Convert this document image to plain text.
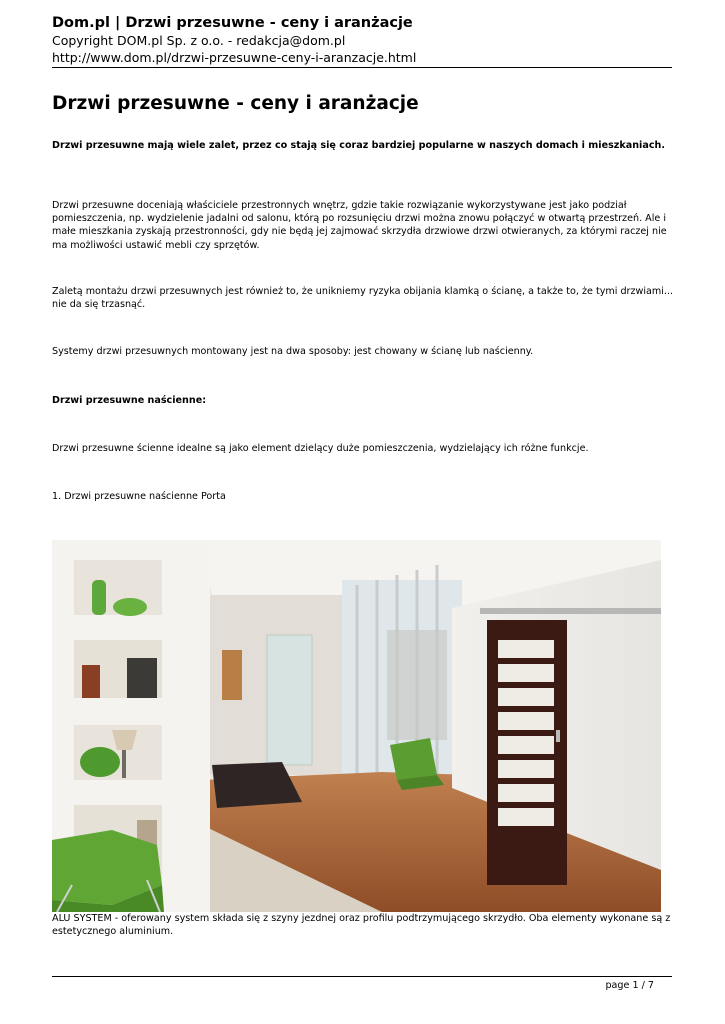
Dom.pl | Drzwi przesuwne - ceny i aranżacje
Copyright DOM.pl Sp. z o.o. - redakcja@dom.pl
http://www.dom.pl/drzwi-przesuwne-ceny-i-aranzacje.html
Drzwi przesuwne - ceny i aranżacje

Drzwi przesuwne mają wiele zalet, przez co stają się coraz bardziej popularne w naszych domach i mieszkaniach.

Drzwi przesuwne doceniają właściciele przestronnych wnętrz, gdzie takie rozwiązanie wykorzystywane jest jako podział pomieszczenia, np. wydzielenie jadalni od salonu, którą po rozsunięciu drzwi można znowu połączyć w otwartą przestrzeń. Ale i małe mieszkania zyskają przestronności, gdy nie będą jej zajmować skrzydła drzwiowe drzwi otwieranych, za którymi raczej nie ma możliwości ustawić mebli czy sprzętów.

Zaletą montażu drzwi przesuwnych jest również to, że unikniemy ryzyka obijania klamką o ścianę, a także to, że tymi drzwiami... nie da się trzasnąć.

Systemy drzwi przesuwnych montowany jest na dwa sposoby: jest chowany w ścianę lub naścienny.

Drzwi przesuwne naścienne:

Drzwi przesuwne ścienne idealne są jako element dzielący duże pomieszczenia, wydzielający ich różne funkcje.

1. Drzwi przesuwne naścienne Porta

ALU SYSTEM - oferowany system składa się z szyny jezdnej oraz profilu podtrzymującego skrzydło. Oba elementy wykonane są z estetycznego aluminium.

page 1 / 7
